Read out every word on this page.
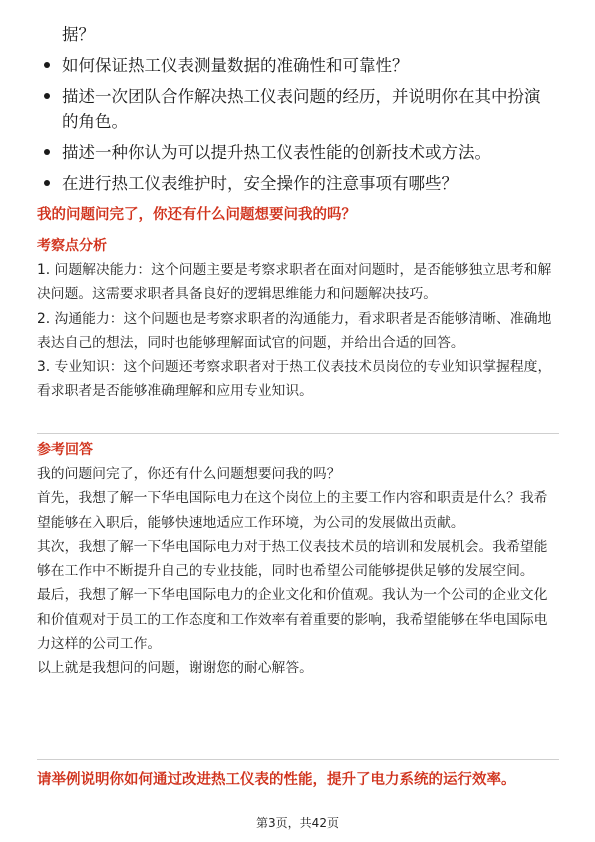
据？
如何保证热工仪表测量数据的准确性和可靠性？
描述一次团队合作解决热工仪表问题的经历，并说明你在其中扮演的角色。
描述一种你认为可以提升热工仪表性能的创新技术或方法。
在进行热工仪表维护时，安全操作的注意事项有哪些？
我的问题问完了，你还有什么问题想要问我的吗？
考察点分析

1. 问题解决能力：这个问题主要是考察求职者在面对问题时，是否能够独立思考和解决问题。这需要求职者具备良好的逻辑思维能力和问题解决技巧。

2. 沟通能力：这个问题也是考察求职者的沟通能力，看求职者是否能够清晰、准确地表达自己的想法，同时也能够理解面试官的问题，并给出合适的回答。

3. 专业知识：这个问题还考察求职者对于热工仪表技术员岗位的专业知识掌握程度，看求职者是否能够准确理解和应用专业知识。

参考回答

我的问题问完了，你还有什么问题想要问我的吗？

首先，我想了解一下华电国际电力在这个岗位上的主要工作内容和职责是什么？我希望能够在入职后，能够快速地适应工作环境，为公司的发展做出贡献。

其次，我想了解一下华电国际电力对于热工仪表技术员的培训和发展机会。我希望能够在工作中不断提升自己的专业技能，同时也希望公司能够提供足够的发展空间。

最后，我想了解一下华电国际电力的企业文化和价值观。我认为一个公司的企业文化和价值观对于员工的工作态度和工作效率有着重要的影响，我希望能够在华电国际电力这样的公司工作。

以上就是我想问的问题，谢谢您的耐心解答。

请举例说明你如何通过改进热工仪表的性能，提升了电力系统的运行效率。
第3页，共42页
